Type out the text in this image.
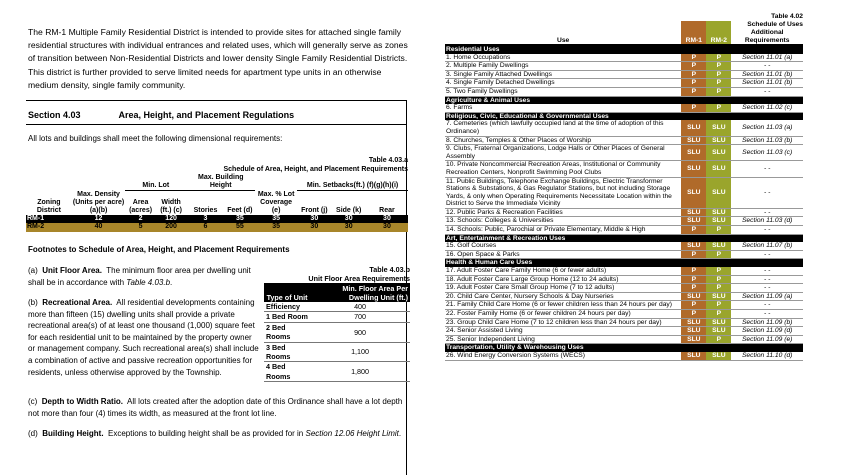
The RM-1 Multiple Family Residential District is intended to provide sites for attached single family residential structures with individual entrances and related uses, which will generally serve as zones of transition between Non-Residential Districts and lower density Single Family Residential Districts. This district is further provided to serve limited needs for apartment type units in an otherwise medium density, single family community.
Section 4.03	Area, Height, and Placement Regulations
All lots and buildings shall meet the following dimensional requirements:
Table 4.03.a
Schedule of Area, Height, and Placement Requirements
		Min. Lot		Max. Building Height			Min. Setbacks(ft.) (f)(g)(h)(i)		
Zoning District	Max. Density (Units per acre) (a)(b)	Area (acres)	Width (ft.) (c)	Stories	Feet (d)	Max. % Lot Coverage (e)	Front (j)	Side (k)	Rear
RM-1	12	2	120	3	35	35	30	30	30
RM-2	40	5	200	6	55	35	30	30	30
Footnotes to Schedule of Area, Height, and Placement Requirements
(a) Unit Floor Area. The minimum floor area per dwelling unit shall be in accordance with Table 4.03.b.
(b) Recreational Area. All residential developments containing more than fifteen (15) dwelling units shall provide a private recreational area(s) of at least one thousand (1,000) square feet for each residential unit to be maintained by the property owner or management company. Such recreational area(s) shall include a combination of active and passive recreation opportunities for residents, unless otherwise approved by the Township.
(c) Depth to Width Ratio. All lots created after the adoption date of this Ordinance shall have a lot depth not more than four (4) times its width, as measured at the front lot line.
(d) Building Height. Exceptions to building height shall be as provided for in Section 12.06 Height Limit.
Table 4.03.b
Unit Floor Area Requirements
Type of Unit	Min. Floor Area Per Dwelling Unit (ft.)
Efficiency	400
1 Bed Room	700
2 Bed Rooms	900
3 Bed Rooms	1,100
4 Bed Rooms	1,800
Table 4.02
Use	RM-1	RM-2	Schedule of Uses
Additional Requirements

Residential Uses			
1. Home Occupations	P	P	Section 11.01 (a)
2. Multiple Family Dwellings	P	P	- -
3. Single Family Attached Dwellings	P	P	Section 11.01 (b)
4. Single Family Detached Dwellings	P	P	Section 11.01 (b)
5. Two Family Dwellings	P	P	- -
Agriculture & Animal Uses			
6. Farms	P	P	Section 11.02 (c)
Religious, Civic, Educational & Governmental Uses			
7. Cemeteries (which lawfully occupied land at the time of adoption of this Ordinance)	SLU	SLU	Section 11.03 (a)
8. Churches, Temples & Other Places of Worship	SLU	SLU	Section 11.03 (b)
9. Clubs, Fraternal Organizations, Lodge Halls or Other Places of General Assembly	SLU	SLU	Section 11.03 (c)
10. Private Noncommercial Recreation Areas, Institutional or Community Recreation Centers, Nonprofit Swimming Pool Clubs	SLU	SLU	- -
11. Public Buildings, Telephone Exchange Buildings, Electric Transformer Stations & Substations, & Gas Regulator Stations, but not including Storage Yards, & only when Operating Requirements Necessitate Location within the District to Serve the Immediate Vicinity	SLU	SLU	- -
12. Public Parks & Recreation Facilities	SLU	SLU	- -
13. Schools: Colleges & Universities	SLU	SLU	Section 11.03 (d)
14. Schools: Public, Parochial or Private Elementary, Middle & High	P	P	- -
Art, Entertainment & Recreation Uses			
15. Golf Courses	SLU	SLU	Section 11.07 (b)
16. Open Space & Parks	P	P	- -
Health & Human Care Uses			
17. Adult Foster Care Family Home (6 or fewer adults)	P	P	- -
18. Adult Foster Care Large Group Home (12 to 24 adults)	P	P	- -
19. Adult Foster Care Small Group Home (7 to 12 adults)	P	P	- -
20. Child Care Center, Nursery Schools & Day Nurseries	SLU	SLU	Section 11.09 (a)
21. Family Child Care Home (6 or fewer children less than 24 hours per day)	P	P	- -
22. Foster Family Home (6 or fewer children 24 hours per day)	P	P	- -
23. Group Child Care Home (7 to 12 children less than 24 hours per day)	SLU	SLU	Section 11.09 (b)
24. Senior Assisted Living	SLU	SLU	Section 11.09 (d)
25. Senior Independent Living	SLU	P	Section 11.09 (e)
Transportation, Utility & Warehousing Uses			
26. Wind Energy Conversion Systems (WECS)	SLU	SLU	Section 11.10 (d)
